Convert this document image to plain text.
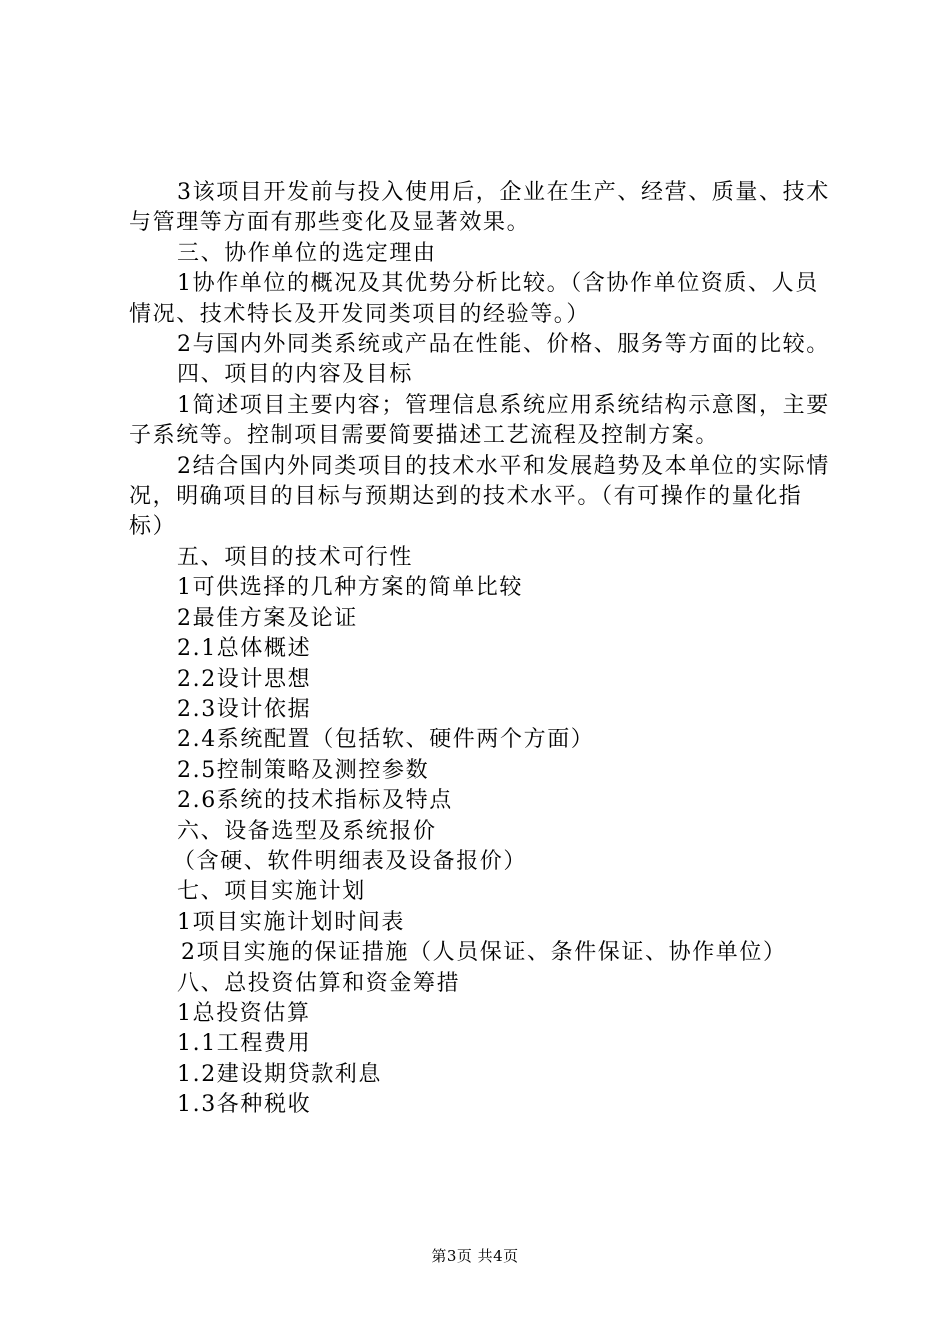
3该项目开发前与投入使用后，企业在生产、经营、质量、技术与管理等方面有那些变化及显著效果。

三、协作单位的选定理由

1协作单位的概况及其优势分析比较。（含协作单位资质、人员情况、技术特长及开发同类项目的经验等。）

2与国内外同类系统或产品在性能、价格、服务等方面的比较。

四、项目的内容及目标

1简述项目主要内容；管理信息系统应用系统结构示意图，主要子系统等。控制项目需要简要描述工艺流程及控制方案。

2结合国内外同类项目的技术水平和发展趋势及本单位的实际情况，明确项目的目标与预期达到的技术水平。（有可操作的量化指标）

五、项目的技术可行性

1可供选择的几种方案的简单比较

2最佳方案及论证

2.1总体概述

2.2设计思想

2.3设计依据

2.4系统配置（包括软、硬件两个方面）

2.5控制策略及测控参数

2.6系统的技术指标及特点

六、设备选型及系统报价

（含硬、软件明细表及设备报价）

七、项目实施计划

1项目实施计划时间表

2项目实施的保证措施（人员保证、条件保证、协作单位）

八、总投资估算和资金筹措

1总投资估算

1.1工程费用

1.2建设期贷款利息

1.3各种税收

第3页 共4页
